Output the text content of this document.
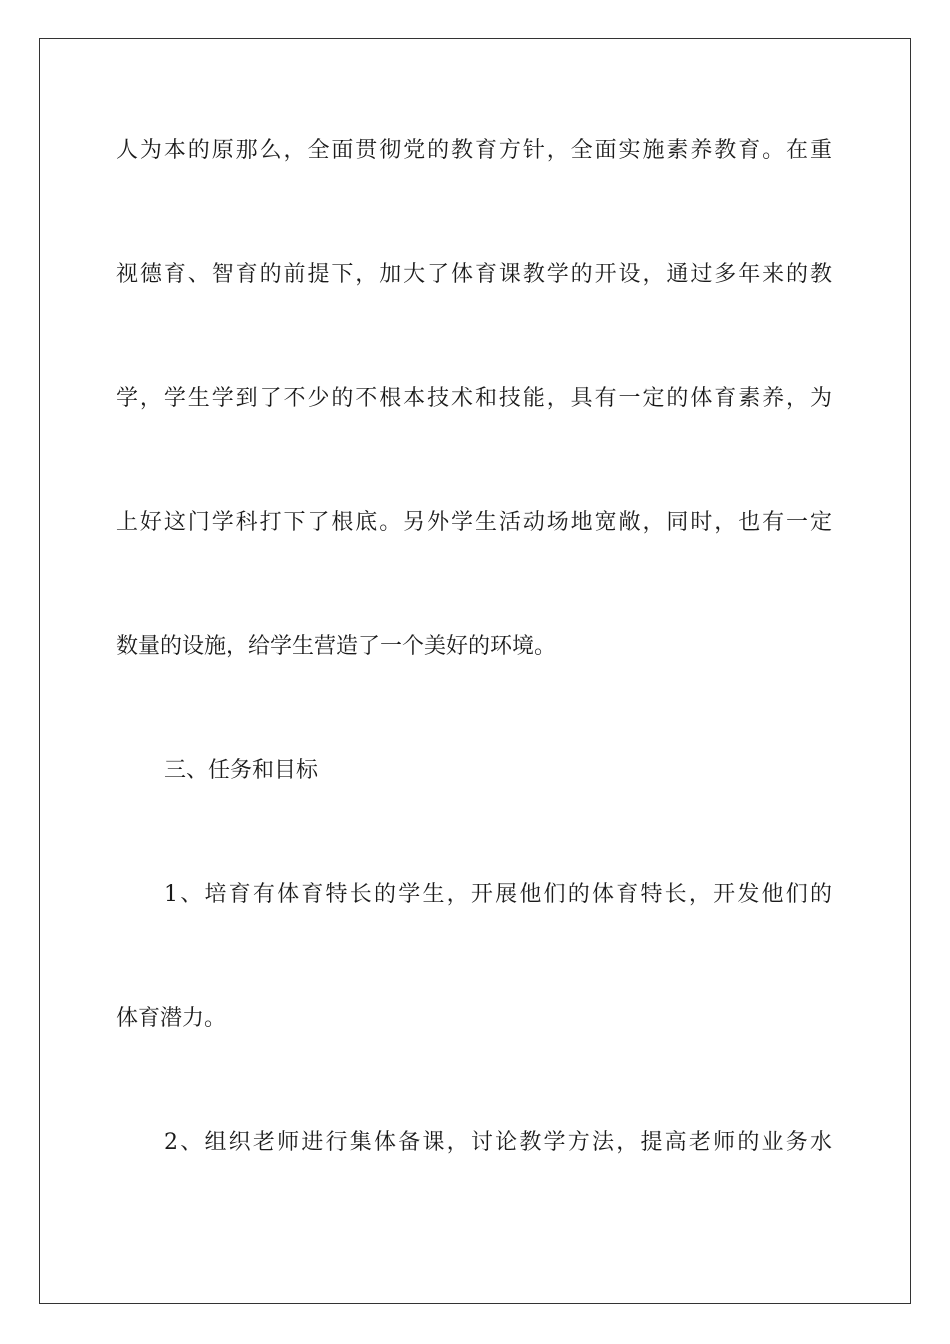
人为本的原那么，全面贯彻党的教育方针，全面实施素养教育。在重
视德育、智育的前提下，加大了体育课教学的开设，通过多年来的教
学，学生学到了不少的不根本技术和技能，具有一定的体育素养，为
上好这门学科打下了根底。另外学生活动场地宽敞，同时，也有一定
数量的设施，给学生营造了一个美好的环境。
三、任务和目标
1、培育有体育特长的学生，开展他们的体育特长，开发他们的
体育潜力。
2、组织老师进行集体备课，讨论教学方法，提高老师的业务水
